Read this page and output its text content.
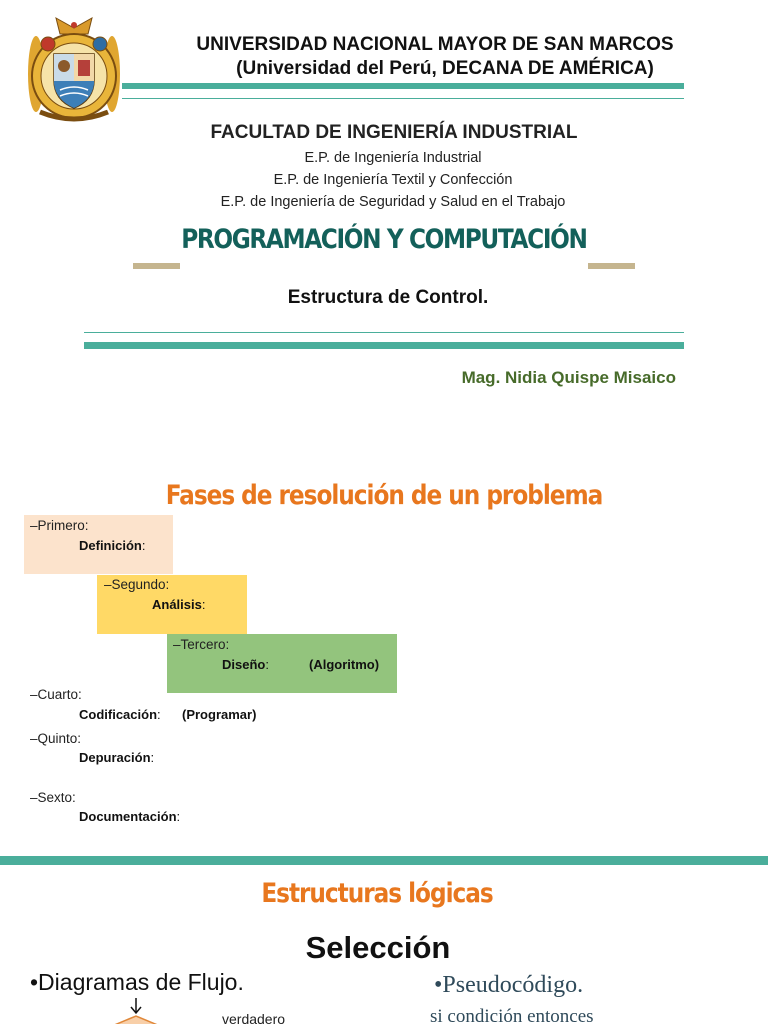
UNIVERSIDAD NACIONAL MAYOR DE SAN MARCOS
(Universidad del Perú, DECANA DE AMÉRICA)
FACULTAD DE INGENIERÍA INDUSTRIAL
E.P. de Ingeniería Industrial
E.P. de Ingeniería Textil y Confección
E.P. de Ingeniería de Seguridad y Salud en el Trabajo
PROGRAMACIÓN Y COMPUTACIÓN
Estructura de Control.
Mag. Nidia Quispe Misaico
Fases de resolución de un problema
–Primero:
Definición:
–Segundo:
Análisis:
–Tercero:
Diseño:	(Algoritmo)
–Cuarto:
Codificación: (Programar)
–Quinto:
Depuración:
–Sexto:
Documentación:
Estructuras lógicas
Selección
•Diagramas de Flujo.	•Pseudocódigo.
verdadero	si condición entonces
